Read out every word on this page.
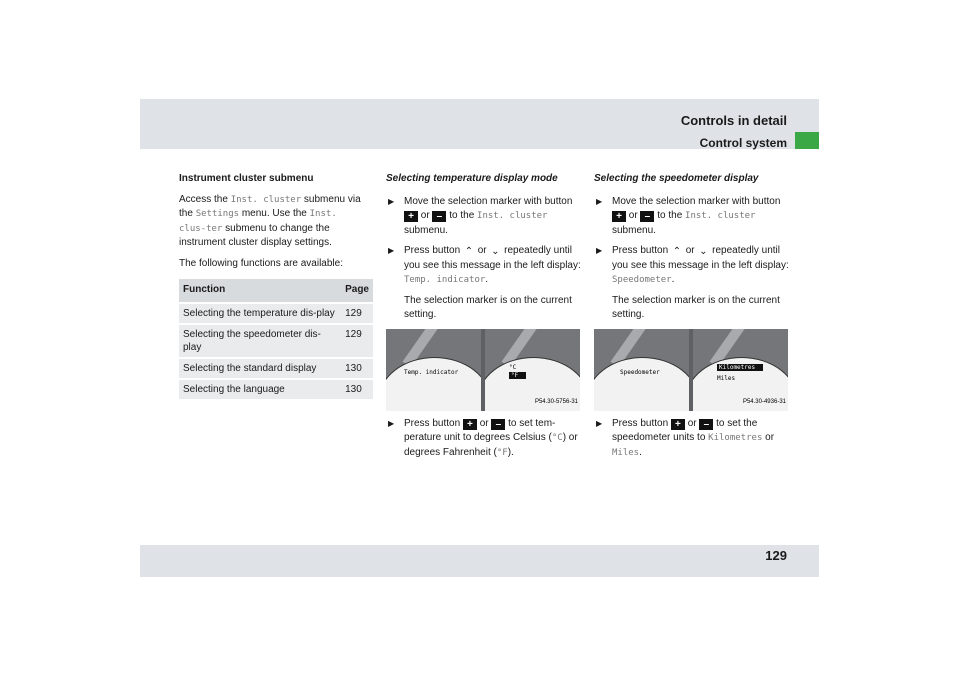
Controls in detail
Control system

Instrument cluster submenu

Access the Inst. cluster submenu via the Settings menu. Use the Inst. clus-ter submenu to change the instrument cluster display settings.

The following functions are available:

Function	Page
Selecting the temperature dis-play	129
Selecting the speedometer dis-play	129
Selecting the standard display	130
Selecting the language	130

Selecting temperature display mode

▶ Move the selection marker with button + or – to the Inst. cluster submenu.
▶ Press button ⌃ or ⌄ repeatedly until you see this message in the left display: Temp. indicator.

The selection marker is on the current setting.

Temp. indicator
°C
°F
P54.30-5756-31
▶ Press button + or – to set tem-perature unit to degrees Celsius (°C) or degrees Fahrenheit (°F).

Selecting the speedometer display

▶ Move the selection marker with button + or – to the Inst. cluster submenu.
▶ Press button ⌃ or ⌄ repeatedly until you see this message in the left display: Speedometer.

The selection marker is on the current setting.

Speedometer
Kilometres
Miles
P54.30-4936-31
▶ Press button + or – to set the speedometer units to Kilometres or Miles.
129
